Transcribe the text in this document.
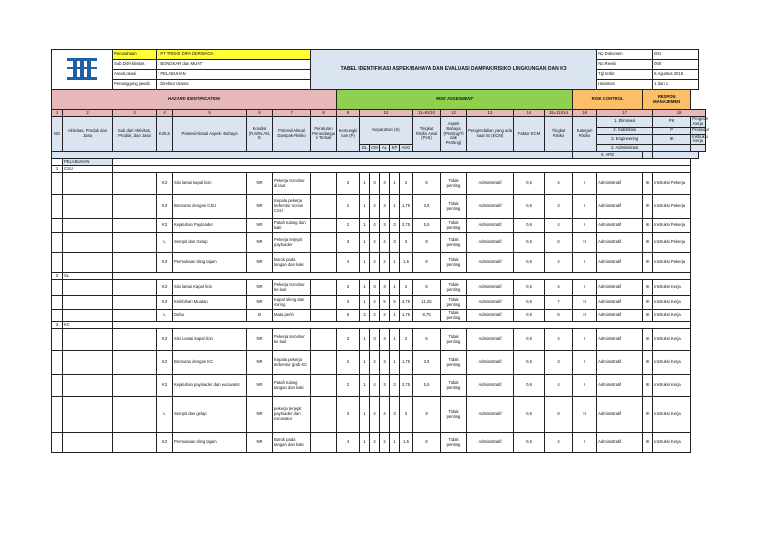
	Perusahaan	: PT TRIDIS DIPA DERWAGA				TABEL IDENTIFIKASI ASPEK/BAHAYA DAN EVALUASI DAMPAK/RISIKO LINGKUNGAN DAN K3													No Dokumen		001	
		Sub.Dit/Aktivitas	: BONGKAR dan MUAT																	No.Revisi		000	
		Area/Lokasi	: PELABUHAN																	Tgl terbit		6 Agustus 2018	
		Penanggung jawab	: Direktur Utama																	Halaman		1 dari 1	
HAZARD IDENTIFICATION								RISK ASSESMENT											RISK CONTROL		RESPON MANAJEMEN		
1	2	3	4	5	6	7	8	9	10					11=9X10	12	13	14	15=11X14	16	17		18	
NO	Aktivitas, Produk dan Jasa	Sub dari Aktivitas, Produk, dan Jasa	K3/LS	Potensi/Aktual Aspek- Bahaya	Kondisi (R,M/N,AN, E	Potensi/Aktual Dampak-Risiko	Peraturan Perundanga n Terkait	Kemungki nan (P)	Keparahan (S)					Tingkat Risiko Awal (PxS)	Aspek Bahaya (Penting/Ti dak Penting)	Pengendalian yang ada saat ini (ECM)	Faktor ECM	Tingkat Risiko	Kategori Risiko	1. Eliminasi		PK	Program Kerja
																				2. Substitusi		P	Prosedur
																				3. Engineering		IK	Instruksi Kerja
									DL	CM	AL	KP	AVG							4. Administrasi			
																			5. APD				
	PELABUHAN																						
1	CSU																						
			K3	Sisi lantai kapal licin	NR	Pekerja tercebur di laut		3	1	3	3	1	2	6	Tidak penting	Administratif	0,6	4	I	Administratif	IK	Instruksi Pekerja	
			K3	Benturan dengan CSU	NR	Kepala pekerja terbentur screw CSU		2	1	2	3	1	1,75	3,5	Tidak penting	Administratif	0,6	3	I	Administratif	IK	Instruksi Pekerja	
			K3	Kejatuhan Payloader	NR	Patah tulang dan kaki		2	1	4	3	3	2,75	5,5	Tidak penting	Administratif	0,6	4	I	Administratif	IK	Instruksi Pekerja	
			L	Sempit dan Gelap	NR	Pekerja terjepit payloader		3	1	4	4	3	3	9	Tidak penting	Administratif	0,6	6	II	Administratif	IK	Instruksi Pekerja	
			K3	Permukaan sling tajam	NR	Borok pada tangan dan kaki		4	1	2	2	1	1,5	6	Tidak penting	Administratif	0,6	4	I	Administratif	IK	Instruksi Pekerja	
2	SL																						
			K3	Sisi lantai Kapal licin	NR	Pekerja tercebur ke laut		3	1	3	3	1	2	6	Tidak penting	Administratif	0,6	4	I	Administratif	IK	Instruksi Kerja	
			K3	Kelebihan Muatan	NR	Kapal oleng dan miring		3	1	4	5	5	3,75	11,25	Tidak penting	Administratif	0,6	7	II	Administratif	IK	Instruksi Kerja	
			L	Debu	B	Mata perih		5	2	2	2	1	1,75	8,75	Tidak penting	Administratif	0,6	6	II	Administratif	IK	Instruksi Kerja	
3	KC																						
			K3	Sisi Lantai kapal licin	NR	Pekerja tercebur ke laut		3	1	3	3	1	2	6	Tidak penting	Administratif	0,6	4	I	Administratif	IK	Instruksi Kerja	
			K3	Benturan dengan KC	NR	Kepala pekerja terbentur grab KC		2	1	2	3	1	1,75	3,5	Tidak penting	Administratif	0,6	3	I	Administratif	IK	Instruksi Kerja	
			K3	Kejatuhan payloader dan excavator	NR	Patah tulang tangan dan kaki		2	1	4	3	3	2,75	5,5	Tidak penting	Administratif	0,6	4	I	Administratif	IK	Instruksi Kerja	
			L	Sempit dan gelap	NR	pekerja terjepit payloader dan excavator		3	1	4	4	3	3	9	Tidak penting	Administratif	0,6	6	II	Administratif	IK	Instruksi Kerja	
			K3	Permukaan sling tajam	NR	Borok pada tangan dan kaki		4	1	2	2	1	1,5	6	Tidak penting	Administratif	0,6	4	I	Administratif	IK	Instruksi Kerja	
